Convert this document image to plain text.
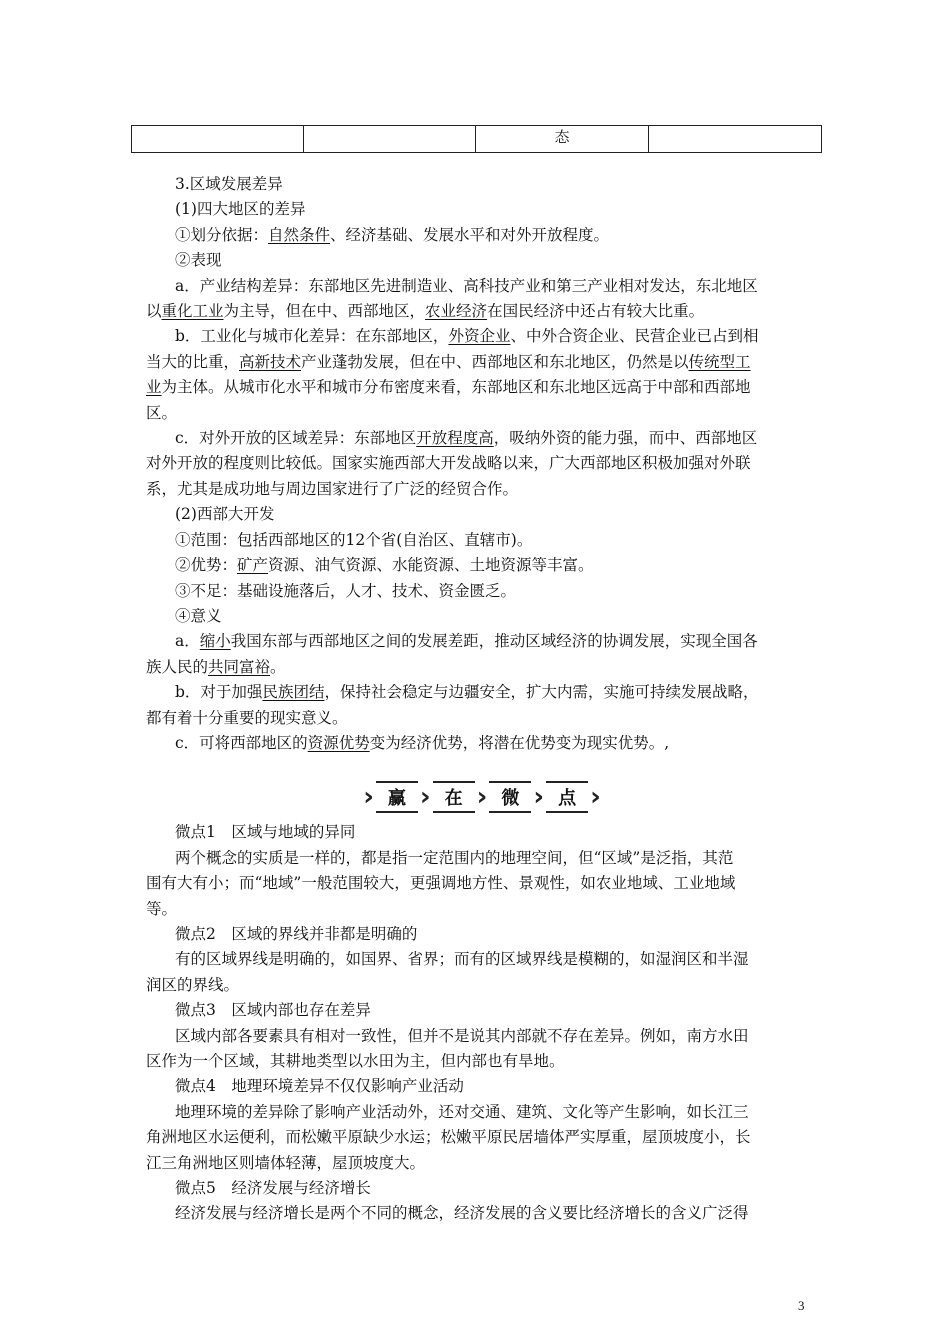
		态	

3.区域发展差异

(1)四大地区的差异

①划分依据：自然条件、经济基础、发展水平和对外开放程度。

②表现

a．产业结构差异：东部地区先进制造业、高科技产业和第三产业相对发达，东北地区

以重化工业为主导，但在中、西部地区，农业经济在国民经济中还占有较大比重。

b．工业化与城市化差异：在东部地区，外资企业、中外合资企业、民营企业已占到相

当大的比重，高新技术产业蓬勃发展，但在中、西部地区和东北地区，仍然是以传统型工

业为主体。从城市化水平和城市分布密度来看，东部地区和东北地区远高于中部和西部地

区。

c．对外开放的区域差异：东部地区开放程度高，吸纳外资的能力强，而中、西部地区

对外开放的程度则比较低。国家实施西部大开发战略以来，广大西部地区积极加强对外联

系，尤其是成功地与周边国家进行了广泛的经贸合作。

(2)西部大开发

①范围：包括西部地区的12个省(自治区、直辖市)。

②优势：矿产资源、油气资源、水能资源、土地资源等丰富。

③不足：基础设施落后，人才、技术、资金匮乏。

④意义

a．缩小我国东部与西部地区之间的发展差距，推动区域经济的协调发展，实现全国各

族人民的共同富裕。

b．对于加强民族团结，保持社会稳定与边疆安全，扩大内需，实施可持续发展战略，

都有着十分重要的现实意义。

c．可将西部地区的资源优势变为经济优势，将潜在优势变为现实优势。,

› 赢 › 在 › 微 › 点 ›

微点1　区域与地域的异同

两个概念的实质是一样的，都是指一定范围内的地理空间，但“区域”是泛指，其范

围有大有小；而“地域”一般范围较大，更强调地方性、景观性，如农业地域、工业地域

等。

微点2　区域的界线并非都是明确的

有的区域界线是明确的，如国界、省界；而有的区域界线是模糊的，如湿润区和半湿

润区的界线。

微点3　区域内部也存在差异

区域内部各要素具有相对一致性，但并不是说其内部就不存在差异。例如，南方水田

区作为一个区域，其耕地类型以水田为主，但内部也有旱地。

微点4　地理环境差异不仅仅影响产业活动

地理环境的差异除了影响产业活动外，还对交通、建筑、文化等产生影响，如长江三

角洲地区水运便利，而松嫩平原缺少水运；松嫩平原民居墙体严实厚重，屋顶坡度小，长

江三角洲地区则墙体轻薄，屋顶坡度大。

微点5　经济发展与经济增长

经济发展与经济增长是两个不同的概念，经济发展的含义要比经济增长的含义广泛得

3
